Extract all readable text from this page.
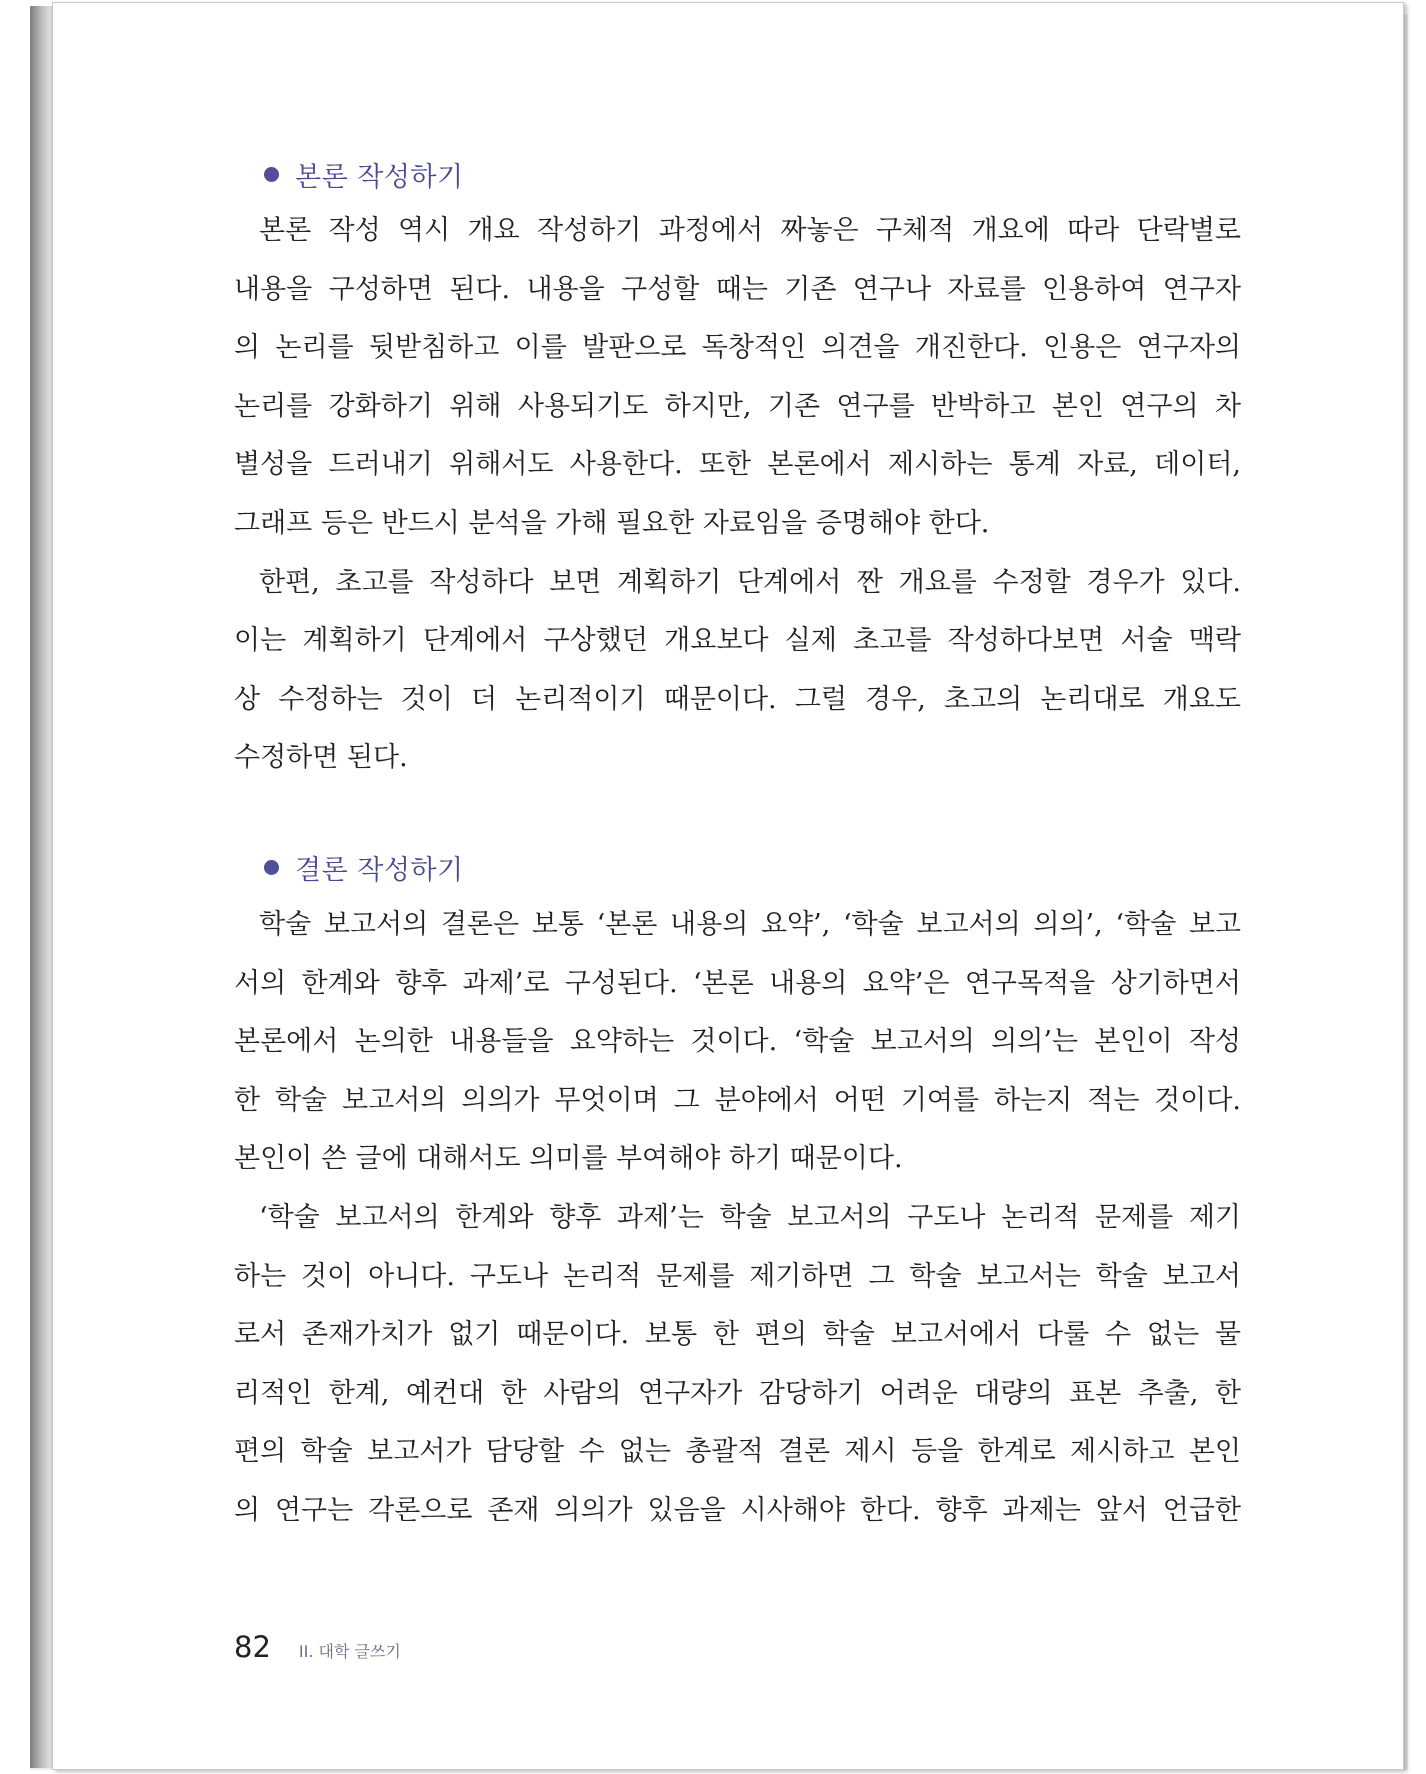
본론 작성하기
본론 작성 역시 개요 작성하기 과정에서 짜놓은 구체적 개요에 따라 단락별로
내용을 구성하면 된다. 내용을 구성할 때는 기존 연구나 자료를 인용하여 연구자
의 논리를 뒷받침하고 이를 발판으로 독창적인 의견을 개진한다. 인용은 연구자의
논리를 강화하기 위해 사용되기도 하지만, 기존 연구를 반박하고 본인 연구의 차
별성을 드러내기 위해서도 사용한다. 또한 본론에서 제시하는 통계 자료, 데이터,
그래프 등은 반드시 분석을 가해 필요한 자료임을 증명해야 한다.
한편, 초고를 작성하다 보면 계획하기 단계에서 짠 개요를 수정할 경우가 있다.
이는 계획하기 단계에서 구상했던 개요보다 실제 초고를 작성하다보면 서술 맥락
상 수정하는 것이 더 논리적이기 때문이다. 그럴 경우, 초고의 논리대로 개요도
수정하면 된다.
결론 작성하기
학술 보고서의 결론은 보통 ‘본론 내용의 요약’, ‘학술 보고서의 의의’, ‘학술 보고
서의 한계와 향후 과제’로 구성된다. ‘본론 내용의 요약’은 연구목적을 상기하면서
본론에서 논의한 내용들을 요약하는 것이다. ‘학술 보고서의 의의’는 본인이 작성
한 학술 보고서의 의의가 무엇이며 그 분야에서 어떤 기여를 하는지 적는 것이다.
본인이 쓴 글에 대해서도 의미를 부여해야 하기 때문이다.
‘학술 보고서의 한계와 향후 과제’는 학술 보고서의 구도나 논리적 문제를 제기
하는 것이 아니다. 구도나 논리적 문제를 제기하면 그 학술 보고서는 학술 보고서
로서 존재가치가 없기 때문이다. 보통 한 편의 학술 보고서에서 다룰 수 없는 물
리적인 한계, 예컨대 한 사람의 연구자가 감당하기 어려운 대량의 표본 추출, 한
편의 학술 보고서가 담당할 수 없는 총괄적 결론 제시 등을 한계로 제시하고 본인
의 연구는 각론으로 존재 의의가 있음을 시사해야 한다. 향후 과제는 앞서 언급한
82 II. 대학 글쓰기
